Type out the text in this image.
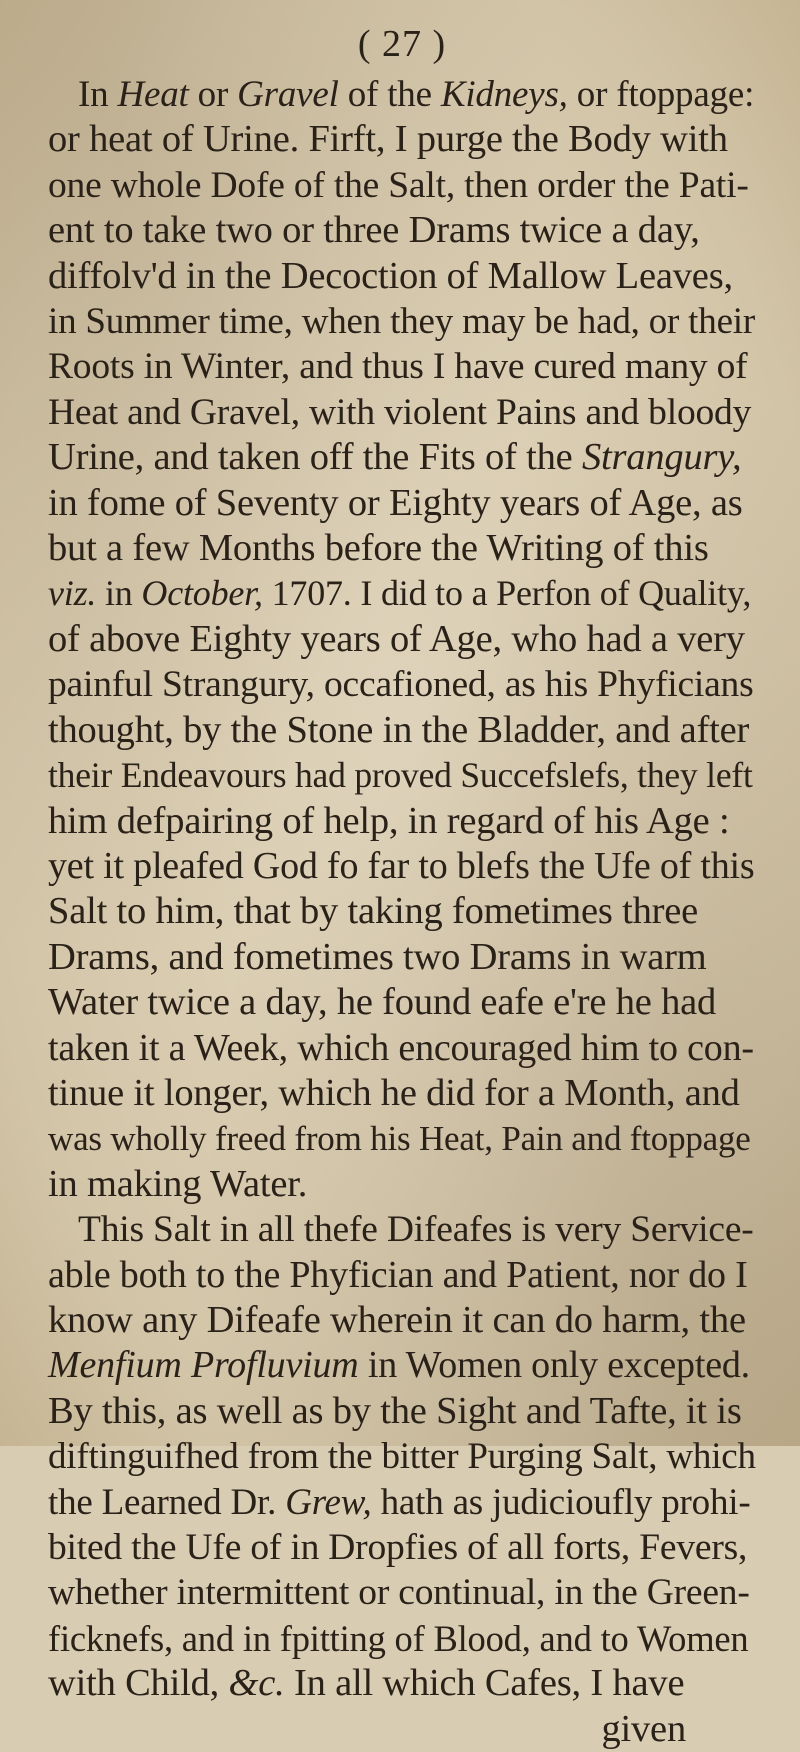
( 27 )
In Heat or Gravel of the Kidneys, or ftoppage:
or heat of Urine. Firft, I purge the Body with
one whole Dofe of the Salt, then order the Pati-
ent to take two or three Drams twice a day,
diffolv'd in the Decoction of Mallow Leaves,
in Summer time, when they may be had, or their
Roots in Winter, and thus I have cured many of
Heat and Gravel, with violent Pains and bloody
Urine, and taken off the Fits of the Strangury,
in fome of Seventy or Eighty years of Age, as
but a few Months before the Writing of this
viz. in October, 1707. I did to a Perfon of Quality,
of above Eighty years of Age, who had a very
painful Strangury, occafioned, as his Phyficians
thought, by the Stone in the Bladder, and after
their Endeavours had proved Succefslefs, they left
him defpairing of help, in regard of his Age :
yet it pleafed God fo far to blefs the Ufe of this
Salt to him, that by taking fometimes three
Drams, and fometimes two Drams in warm
Water twice a day, he found eafe e're he had
taken it a Week, which encouraged him to con-
tinue it longer, which he did for a Month, and
was wholly freed from his Heat, Pain and ftoppage
in making Water.
This Salt in all thefe Difeafes is very Service-
able both to the Phyfician and Patient, nor do I
know any Difeafe wherein it can do harm, the
Menfium Profluvium in Women only excepted.
By this, as well as by the Sight and Tafte, it is
diftinguifhed from the bitter Purging Salt, which
the Learned Dr. Grew, hath as judicioufly prohi-
bited the Ufe of in Dropfies of all forts, Fevers,
whether intermittent or continual, in the Green-
ficknefs, and in fpitting of Blood, and to Women
with Child, &c. In all which Cafes, I have
given
